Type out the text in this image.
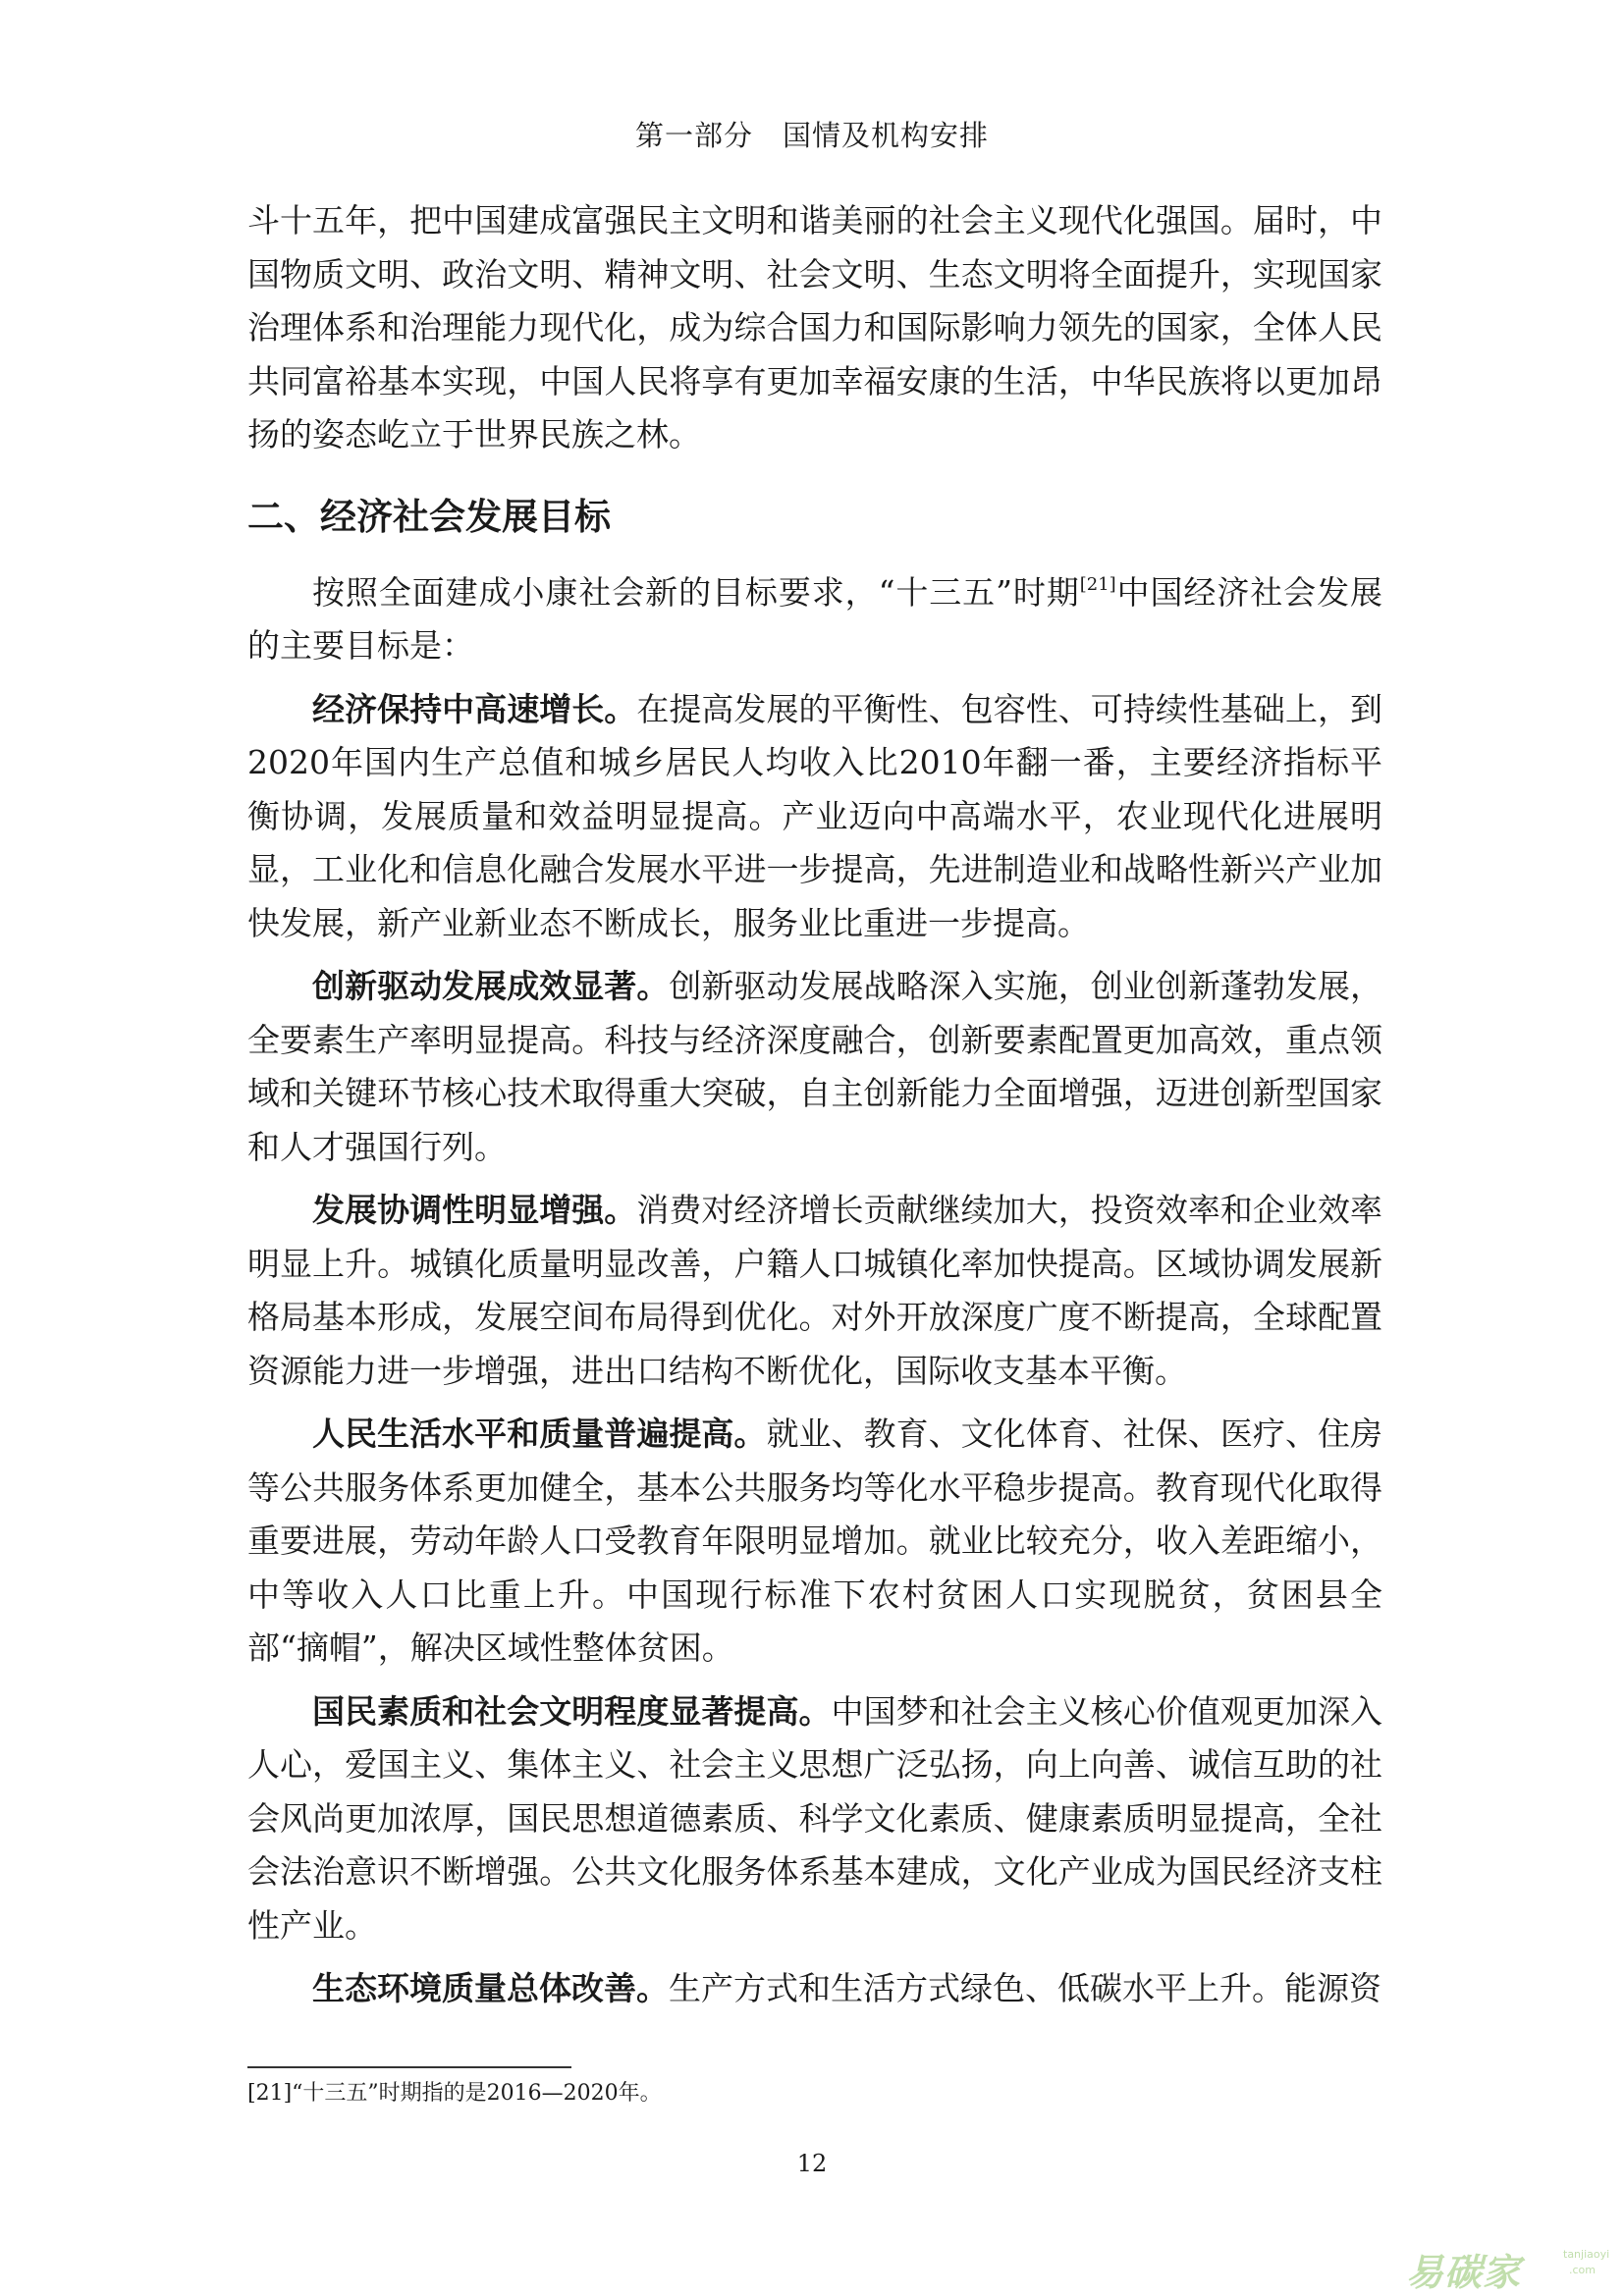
第一部分　国情及机构安排

斗十五年，把中国建成富强民主文明和谐美丽的社会主义现代化强国。届时，中国物质文明、政治文明、精神文明、社会文明、生态文明将全面提升，实现国家治理体系和治理能力现代化，成为综合国力和国际影响力领先的国家，全体人民共同富裕基本实现，中国人民将享有更加幸福安康的生活，中华民族将以更加昂扬的姿态屹立于世界民族之林。

二、经济社会发展目标

按照全面建成小康社会新的目标要求，“十三五”时期[21]中国经济社会发展的主要目标是：

经济保持中高速增长。在提高发展的平衡性、包容性、可持续性基础上，到2020年国内生产总值和城乡居民人均收入比2010年翻一番，主要经济指标平衡协调，发展质量和效益明显提高。产业迈向中高端水平，农业现代化进展明显，工业化和信息化融合发展水平进一步提高，先进制造业和战略性新兴产业加快发展，新产业新业态不断成长，服务业比重进一步提高。

创新驱动发展成效显著。创新驱动发展战略深入实施，创业创新蓬勃发展，全要素生产率明显提高。科技与经济深度融合，创新要素配置更加高效，重点领域和关键环节核心技术取得重大突破，自主创新能力全面增强，迈进创新型国家和人才强国行列。

发展协调性明显增强。消费对经济增长贡献继续加大，投资效率和企业效率明显上升。城镇化质量明显改善，户籍人口城镇化率加快提高。区域协调发展新格局基本形成，发展空间布局得到优化。对外开放深度广度不断提高，全球配置资源能力进一步增强，进出口结构不断优化，国际收支基本平衡。

人民生活水平和质量普遍提高。就业、教育、文化体育、社保、医疗、住房等公共服务体系更加健全，基本公共服务均等化水平稳步提高。教育现代化取得重要进展，劳动年龄人口受教育年限明显增加。就业比较充分，收入差距缩小，中等收入人口比重上升。中国现行标准下农村贫困人口实现脱贫，贫困县全部“摘帽”，解决区域性整体贫困。

国民素质和社会文明程度显著提高。中国梦和社会主义核心价值观更加深入人心，爱国主义、集体主义、社会主义思想广泛弘扬，向上向善、诚信互助的社会风尚更加浓厚，国民思想道德素质、科学文化素质、健康素质明显提高，全社会法治意识不断增强。公共文化服务体系基本建成，文化产业成为国民经济支柱性产业。

生态环境质量总体改善。生产方式和生活方式绿色、低碳水平上升。能源资

[21]“十三五”时期指的是2016—2020年。
12
易碳家	tanjiaoyi
.com
